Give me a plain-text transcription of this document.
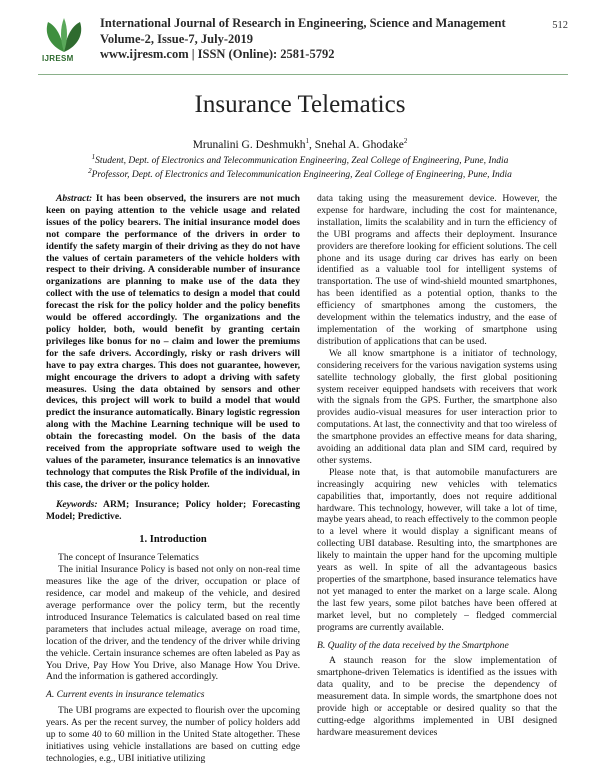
IJRESM
International Journal of Research in Engineering, Science and Management
Volume-2, Issue-7, July-2019
www.ijresm.com | ISSN (Online): 2581-5792
512
Insurance Telematics
Mrunalini G. Deshmukh$^1$, Snehal A. Ghodake$^2$
$^1$Student, Dept. of Electronics and Telecommunication Engineering, Zeal College of Engineering, Pune, India
$^2$Professor, Dept. of Electronics and Telecommunication Engineering, Zeal College of Engineering, Pune, India

Abstract: It has been observed, the insurers are not much keen on paying attention to the vehicle usage and related issues of the policy bearers. The initial insurance model does not compare the performance of the drivers in order to identify the safety margin of their driving as they do not have the values of certain parameters of the vehicle holders with respect to their driving. A considerable number of insurance organizations are planning to make use of the data they collect with the use of telematics to design a model that could forecast the risk for the policy holder and the policy benefits would be offered accordingly. The organizations and the policy holder, both, would benefit by granting certain privileges like bonus for no – claim and lower the premiums for the safe drivers. Accordingly, risky or rash drivers will have to pay extra charges. This does not guarantee, however, might encourage the drivers to adopt a driving with safety measures. Using the data obtained by sensors and other devices, this project will work to build a model that would predict the insurance automatically. Binary logistic regression along with the Machine Learning technique will be used to obtain the forecasting model. On the basis of the data received from the appropriate software used to weigh the values of the parameter, insurance telematics is an innovative technology that computes the Risk Profile of the individual, in this case, the driver or the policy holder.

Keywords: ARM; Insurance; Policy holder; Forecasting Model; Predictive.

1. Introduction

The concept of Insurance Telematics

The initial Insurance Policy is based not only on non-real time measures like the age of the driver, occupation or place of residence, car model and makeup of the vehicle, and desired average performance over the policy term, but the recently introduced Insurance Telematics is calculated based on real time parameters that includes actual mileage, average on road time, location of the driver, and the tendency of the driver while driving the vehicle. Certain insurance schemes are often labeled as Pay as You Drive, Pay How You Drive, also Manage How You Drive. And the information is gathered accordingly.

A. Current events in insurance telematics

The UBI programs are expected to flourish over the upcoming years. As per the recent survey, the number of policy holders add up to some 40 to 60 million in the United State altogether. These initiatives using vehicle installations are based on cutting edge technologies, e.g., UBI initiative utilizing

data taking using the measurement device. However, the expense for hardware, including the cost for maintenance, installation, limits the scalability and in turn the efficiency of the UBI programs and affects their deployment. Insurance providers are therefore looking for efficient solutions. The cell phone and its usage during car drives has early on been identified as a valuable tool for intelligent systems of transportation. The use of wind-shield mounted smartphones, has been identified as a potential option, thanks to the efficiency of smartphones among the customers, the development within the telematics industry, and the ease of implementation of the working of smartphone using distribution of applications that can be used.

We all know smartphone is a initiator of technology, considering receivers for the various navigation systems using satellite technology globally, the first global positioning system receiver equipped handsets with receivers that work with the signals from the GPS. Further, the smartphone also provides audio-visual measures for user interaction prior to computations. At last, the connectivity and that too wireless of the smartphone provides an effective means for data sharing, avoiding an additional data plan and SIM card, required by other systems.

Please note that, is that automobile manufacturers are increasingly acquiring new vehicles with telematics capabilities that, importantly, does not require additional hardware. This technology, however, will take a lot of time, maybe years ahead, to reach effectively to the common people to a level where it would display a significant means of collecting UBI database. Resulting into, the smartphones are likely to maintain the upper hand for the upcoming multiple years as well. In spite of all the advantageous basics properties of the smartphone, based insurance telematics have not yet managed to enter the market on a large scale. Along the last few years, some pilot batches have been offered at market level, but no completely – fledged commercial programs are currently available.

B. Quality of the data received by the Smartphone

A staunch reason for the slow implementation of smartphone-driven Telematics is identified as the issues with data quality, and to be precise the dependency of measurement data. In simple words, the smartphone does not provide high or acceptable or desired quality so that the cutting-edge algorithms implemented in UBI designed hardware measurement devices
